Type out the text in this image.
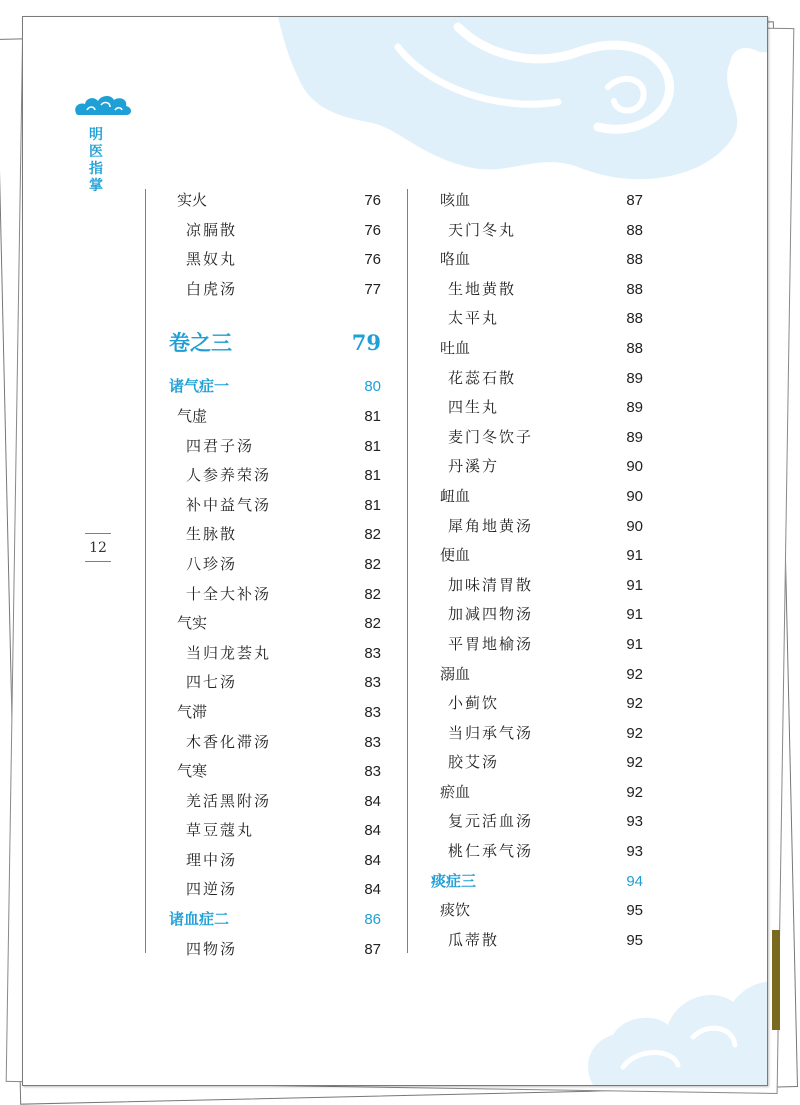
明
医
指
掌
12
实火	76
凉膈散	76
黑奴丸	76
白虎汤	77
卷之三	79
诸气症一	80
气虚	81
四君子汤	81
人参养荣汤	81
补中益气汤	81
生脉散	82
八珍汤	82
十全大补汤	82
气实	82
当归龙荟丸	83
四七汤	83
气滞	83
木香化滞汤	83
气寒	83
羌活黑附汤	84
草豆蔻丸	84
理中汤	84
四逆汤	84
诸血症二	86
四物汤	87
咳血	87
天门冬丸	88
咯血	88
生地黄散	88
太平丸	88
吐血	88
花蕊石散	89
四生丸	89
麦门冬饮子	89
丹溪方	90
衄血	90
犀角地黄汤	90
便血	91
加味清胃散	91
加减四物汤	91
平胃地榆汤	91
溺血	92
小蓟饮	92
当归承气汤	92
胶艾汤	92
瘀血	92
复元活血汤	93
桃仁承气汤	93
痰症三	94
痰饮	95
瓜蒂散	95
